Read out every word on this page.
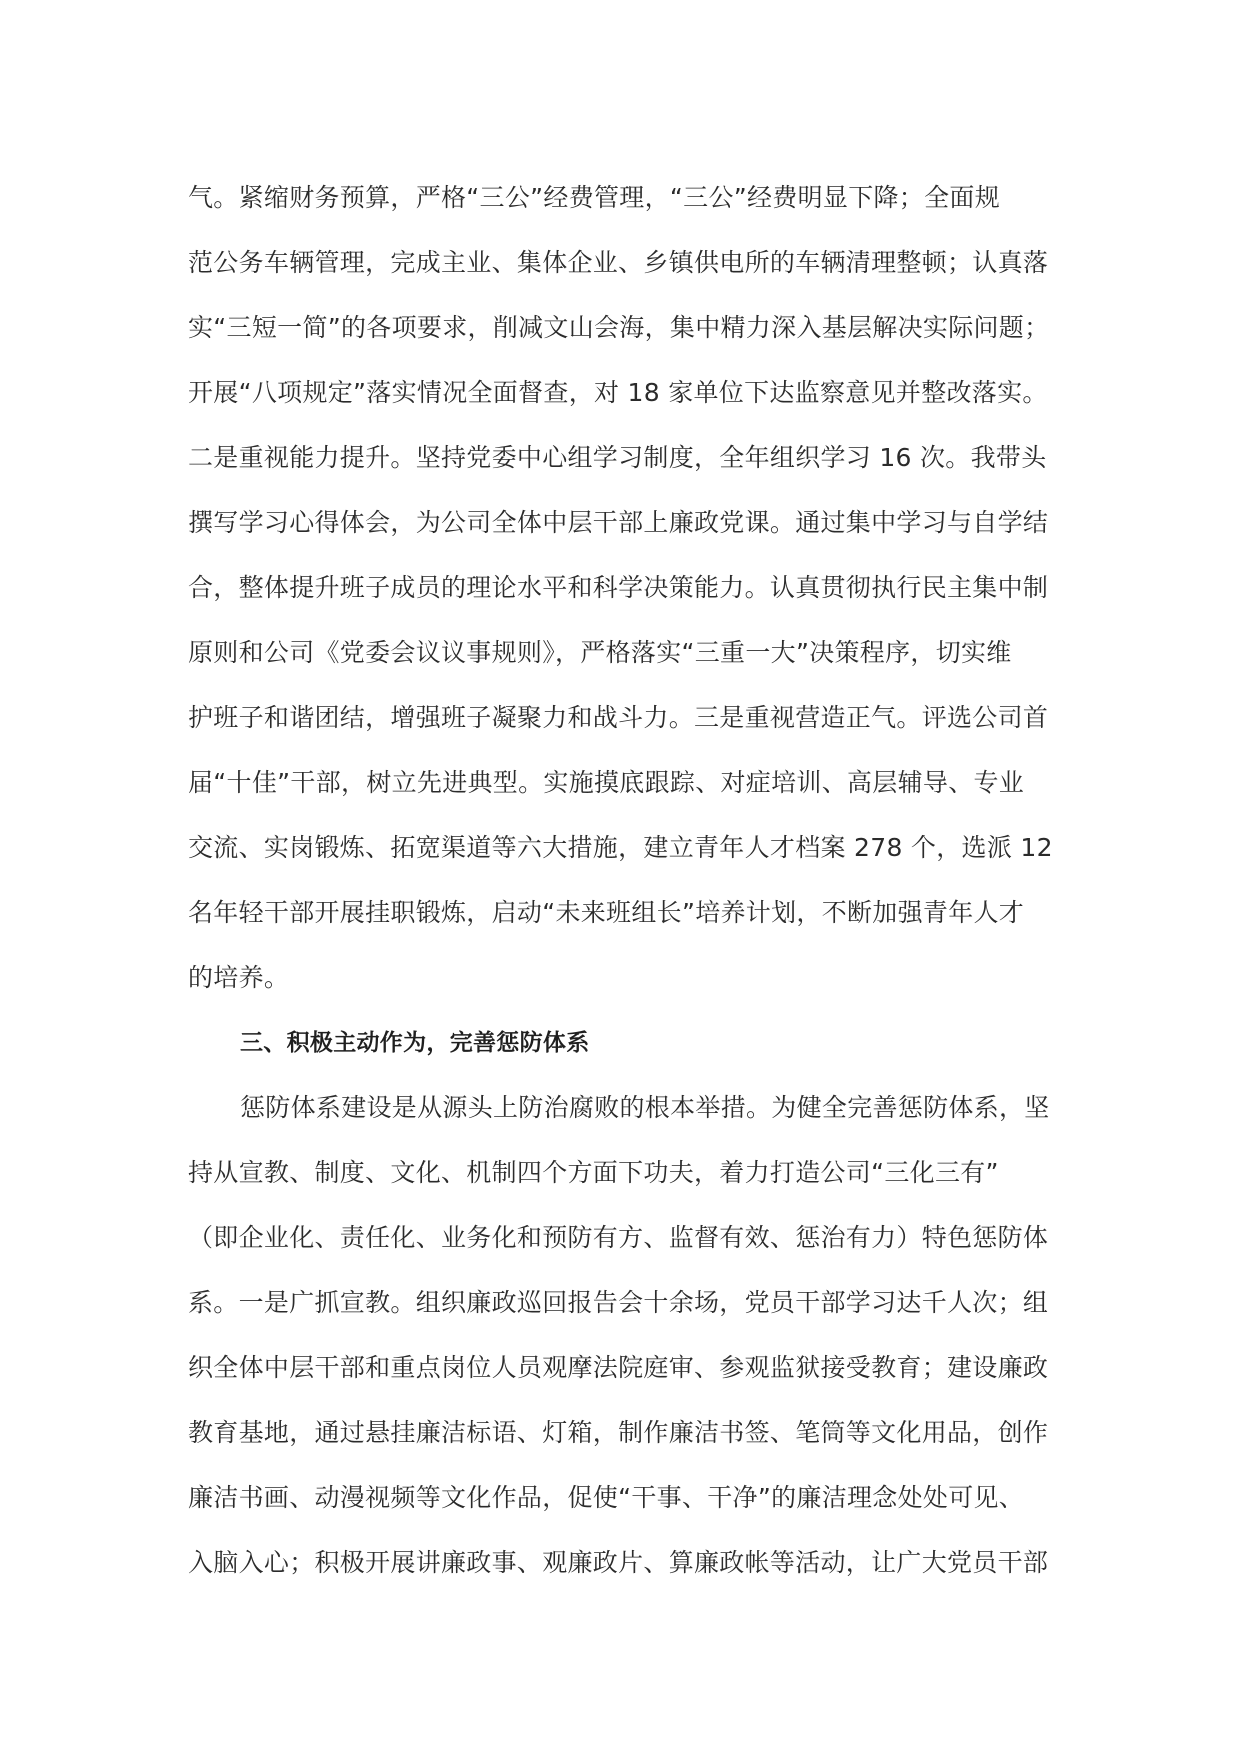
气。紧缩财务预算，严格“三公”经费管理，“三公”经费明显下降；全面规
范公务车辆管理，完成主业、集体企业、乡镇供电所的车辆清理整顿；认真落
实“三短一简”的各项要求，削减文山会海，集中精力深入基层解决实际问题；
开展“八项规定”落实情况全面督查，对 18 家单位下达监察意见并整改落实。
二是重视能力提升。坚持党委中心组学习制度，全年组织学习 16 次。我带头
撰写学习心得体会，为公司全体中层干部上廉政党课。通过集中学习与自学结
合，整体提升班子成员的理论水平和科学决策能力。认真贯彻执行民主集中制
原则和公司《党委会议议事规则》，严格落实“三重一大”决策程序，切实维
护班子和谐团结，增强班子凝聚力和战斗力。三是重视营造正气。评选公司首
届“十佳”干部，树立先进典型。实施摸底跟踪、对症培训、高层辅导、专业
交流、实岗锻炼、拓宽渠道等六大措施，建立青年人才档案 278 个，选派 12
名年轻干部开展挂职锻炼，启动“未来班组长”培养计划，不断加强青年人才
的培养。
三、积极主动作为，完善惩防体系
惩防体系建设是从源头上防治腐败的根本举措。为健全完善惩防体系，坚
持从宣教、制度、文化、机制四个方面下功夫，着力打造公司“三化三有”
（即企业化、责任化、业务化和预防有方、监督有效、惩治有力）特色惩防体
系。一是广抓宣教。组织廉政巡回报告会十余场，党员干部学习达千人次；组
织全体中层干部和重点岗位人员观摩法院庭审、参观监狱接受教育；建设廉政
教育基地，通过悬挂廉洁标语、灯箱，制作廉洁书签、笔筒等文化用品，创作
廉洁书画、动漫视频等文化作品，促使“干事、干净”的廉洁理念处处可见、
入脑入心；积极开展讲廉政事、观廉政片、算廉政帐等活动，让广大党员干部
